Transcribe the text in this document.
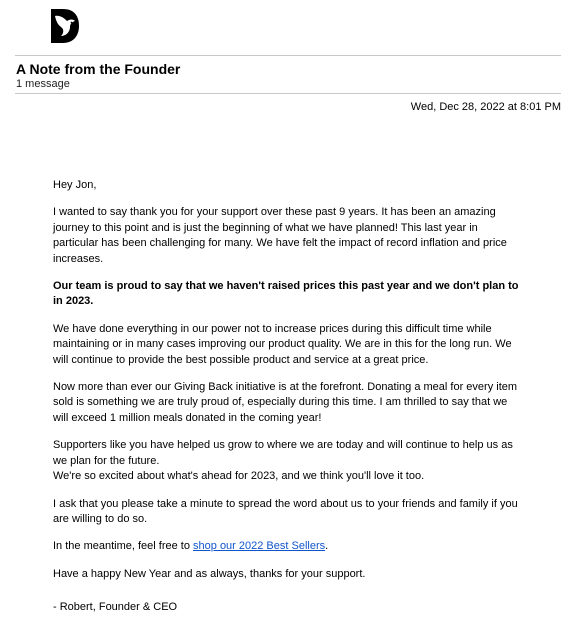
A Note from the Founder
1 message
Wed, Dec 28, 2022 at 8:01 PM

Hey Jon,

I wanted to say thank you for your support over these past 9 years. It has been an amazing journey to this point and is just the beginning of what we have planned! This last year in particular has been challenging for many. We have felt the impact of record inflation and price increases.

Our team is proud to say that we haven't raised prices this past year and we don't plan to in 2023.

We have done everything in our power not to increase prices during this difficult time while maintaining or in many cases improving our product quality. We are in this for the long run. We will continue to provide the best possible product and service at a great price.

Now more than ever our Giving Back initiative is at the forefront. Donating a meal for every item sold is something we are truly proud of, especially during this time. I am thrilled to say that we will exceed 1 million meals donated in the coming year!

Supporters like you have helped us grow to where we are today and will continue to help us as we plan for the future.
We're so excited about what's ahead for 2023, and we think you'll love it too.

I ask that you please take a minute to spread the word about us to your friends and family if you are willing to do so.

In the meantime, feel free to shop our 2022 Best Sellers.

Have a happy New Year and as always, thanks for your support.

- Robert, Founder & CEO
